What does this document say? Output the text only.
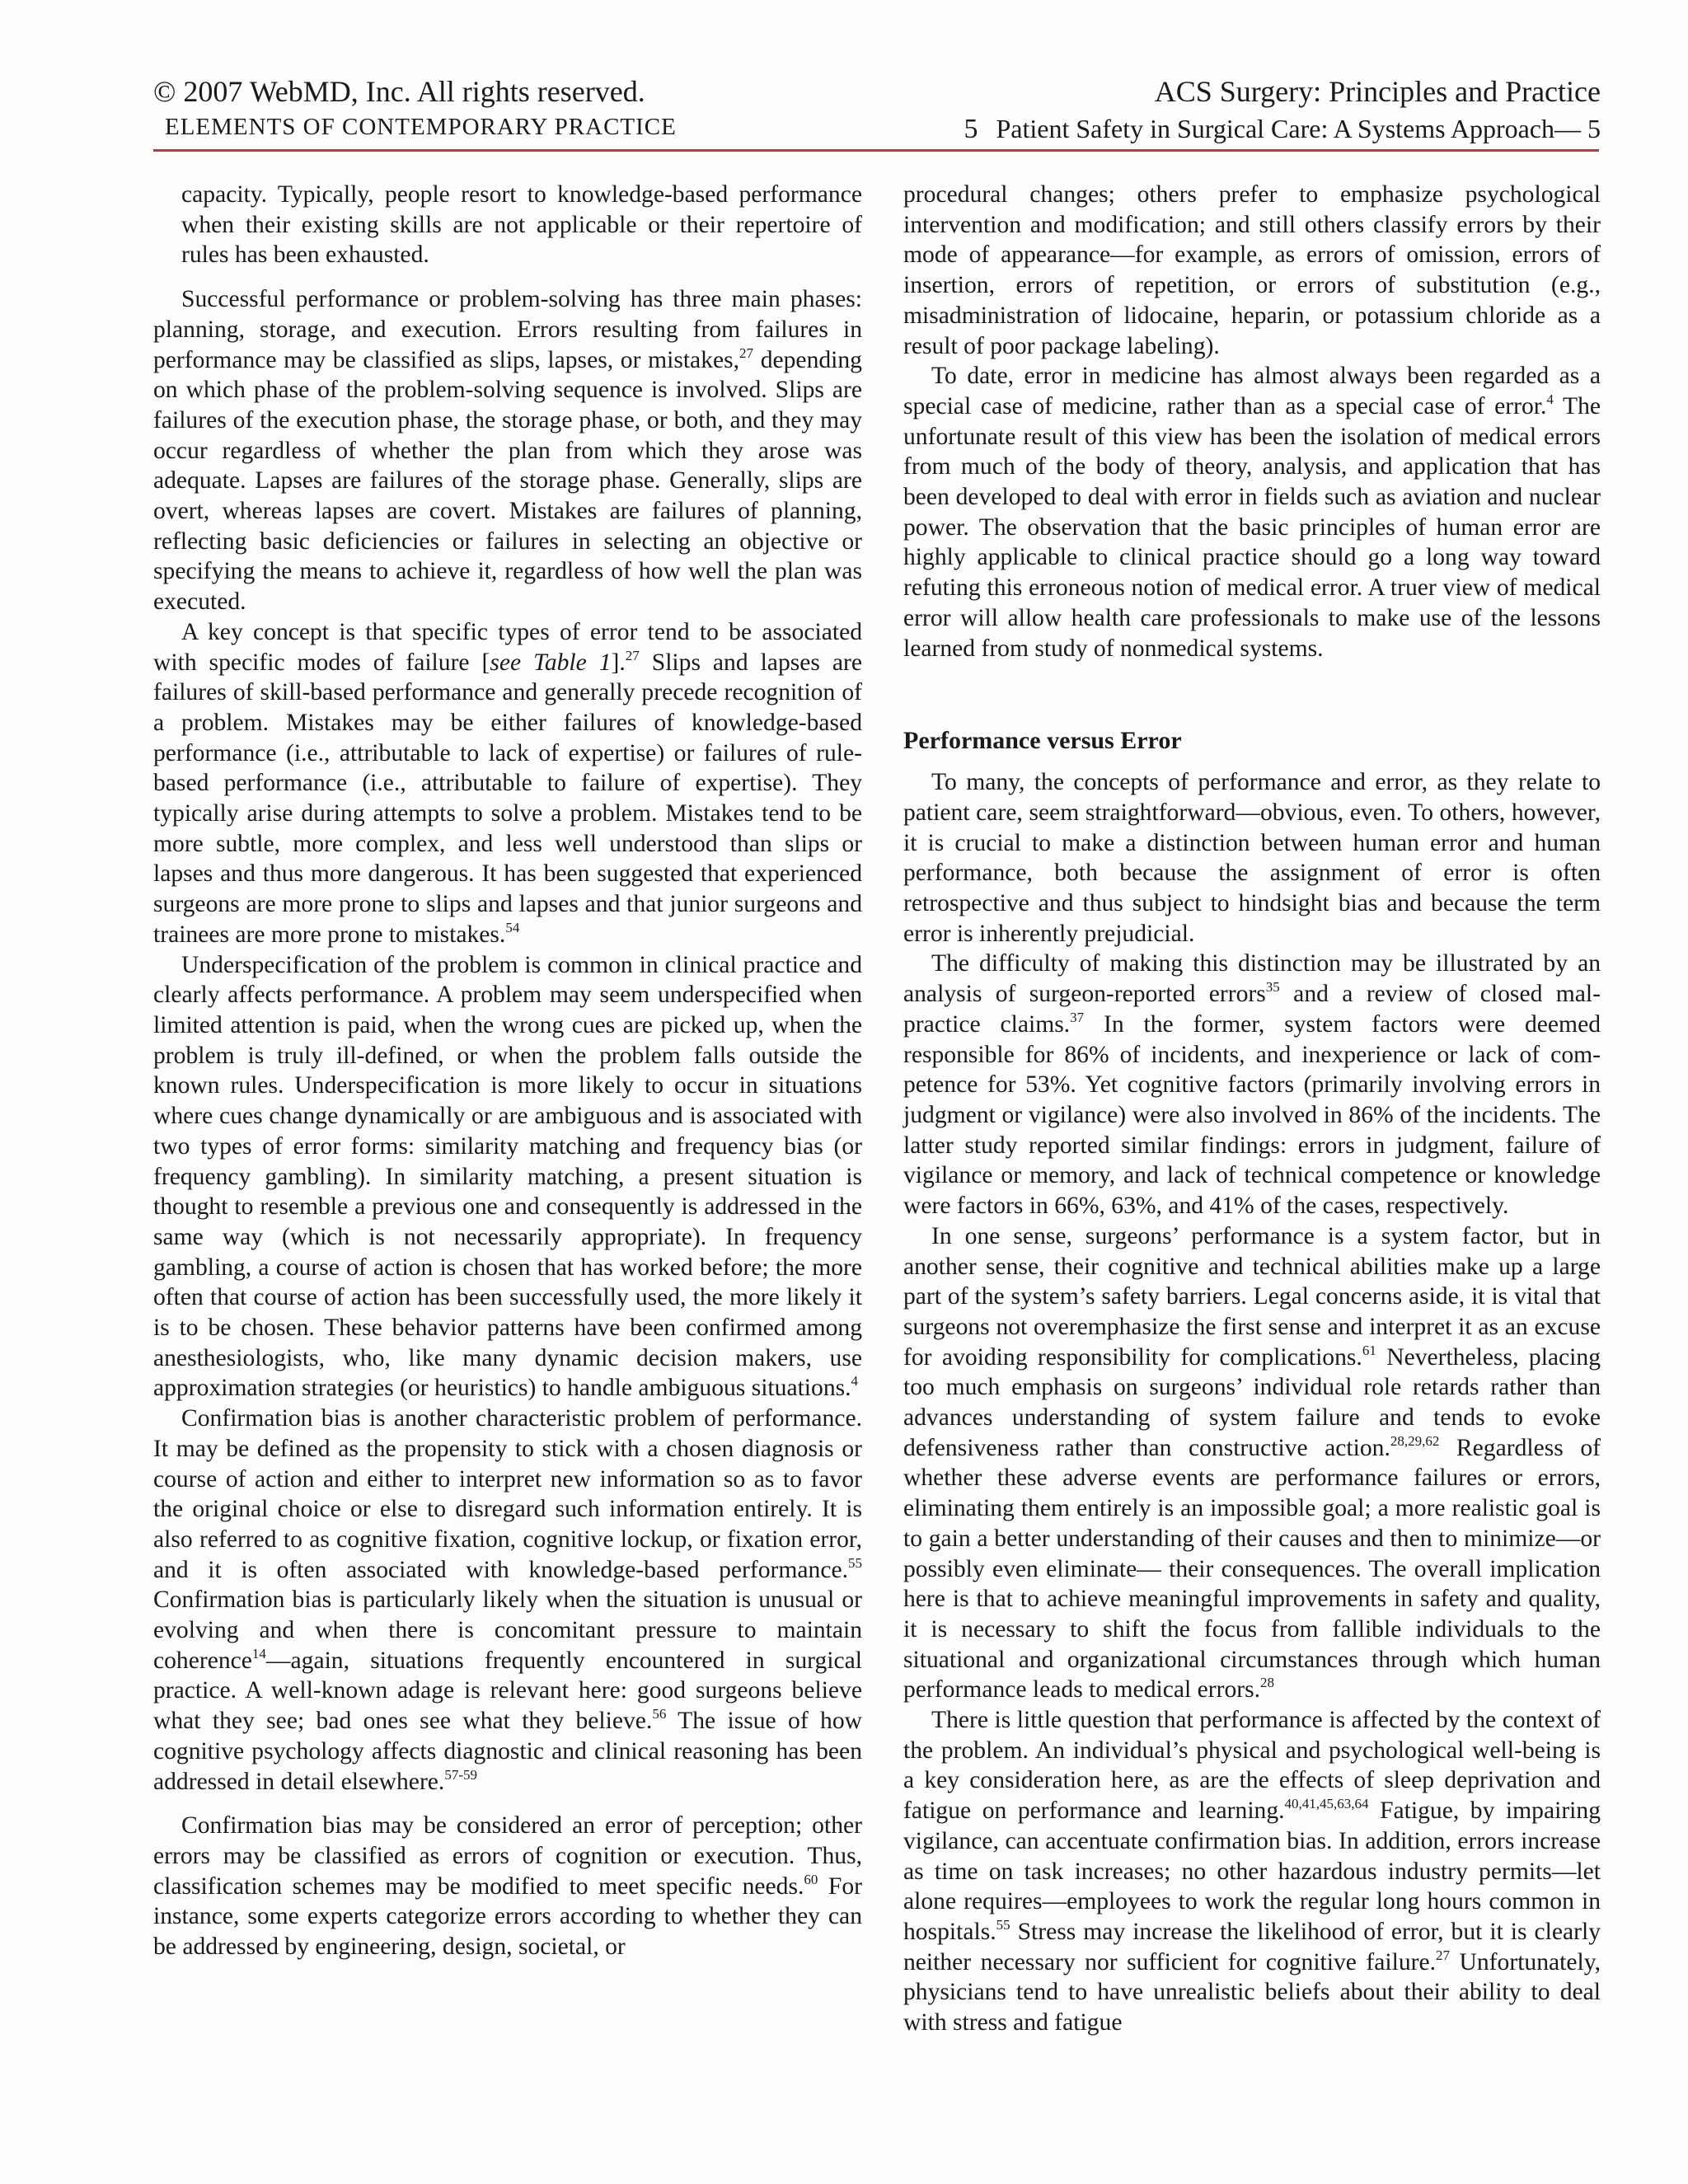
© 2007 WebMD, Inc. All rights reserved.
ELEMENTS OF CONTEMPORARY PRACTICE
ACS Surgery: Principles and Practice
5 Patient Safety in Surgical Care: A Systems Approach— 5

capacity. Typically, people resort to knowledge-based performance when their existing skills are not applicable or their repertoire of rules has been exhausted.

Successful performance or problem-solving has three main phases: planning, storage, and execution. Errors resulting from failures in performance may be classified as slips, lapses, or mistakes,$^{27}$ depending on which phase of the problem-solving sequence is involved. Slips are failures of the execution phase, the storage phase, or both, and they may occur regardless of whether the plan from which they arose was adequate. Lapses are failures of the storage phase. Generally, slips are overt, whereas lapses are covert. Mistakes are failures of planning, reflecting basic deficiencies or failures in selecting an objective or specifying the means to achieve it, regardless of how well the plan was executed.

A key concept is that specific types of error tend to be associated with specific modes of failure [see Table 1].$^{27}$ Slips and lapses are failures of skill-based performance and generally precede recognition of a problem. Mistakes may be either failures of knowledge-based performance (i.e., attributable to lack of expertise) or failures of rule-based performance (i.e., attributable to failure of expertise). They typically arise during attempts to solve a problem. Mistakes tend to be more subtle, more complex, and less well understood than slips or lapses and thus more dangerous. It has been suggested that experienced surgeons are more prone to slips and lapses and that junior surgeons and trainees are more prone to mistakes.$^{54}$

Underspecification of the problem is common in clinical practice and clearly affects performance. A problem may seem underspecified when limited attention is paid, when the wrong cues are picked up, when the problem is truly ill-defined, or when the problem falls outside the known rules. Underspecification is more likely to occur in situations where cues change dynamically or are ambiguous and is associated with two types of error forms: similarity matching and frequency bias (or frequency gambling). In similarity matching, a present situation is thought to resemble a previous one and consequently is addressed in the same way (which is not necessarily appropriate). In frequency gambling, a course of action is chosen that has worked before; the more often that course of action has been successfully used, the more likely it is to be chosen. These behavior patterns have been confirmed among anesthesiologists, who, like many dynamic decision makers, use approximation strategies (or heuristics) to handle ambiguous situations.$^4$

Confirmation bias is another characteristic problem of performance. It may be defined as the propensity to stick with a chosen diagnosis or course of action and either to interpret new information so as to favor the original choice or else to disregard such information entirely. It is also referred to as cognitive fixation, cognitive lockup, or fixation error, and it is often associated with knowledge-based performance.$^{55}$ Confirmation bias is particularly likely when the situation is unusual or evolving and when there is concomitant pressure to maintain coherence$^{14}$—again, situations frequently encountered in surgical practice. A well-known adage is relevant here: good surgeons believe what they see; bad ones see what they believe.$^{56}$ The issue of how cognitive psychology affects diagnostic and clinical reasoning has been addressed in detail elsewhere.$^{57-59}$

Confirmation bias may be considered an error of perception; other errors may be classified as errors of cognition or execution. Thus, classification schemes may be modified to meet specific needs.$^{60}$ For instance, some experts categorize errors according to whether they can be addressed by engineering, design, societal, or

procedural changes; others prefer to emphasize psychological intervention and modification; and still others classify errors by their mode of appearance—for example, as errors of omission, errors of insertion, errors of repetition, or errors of substitution (e.g., misadministration of lidocaine, heparin, or potassium chloride as a result of poor package labeling).

To date, error in medicine has almost always been regarded as a special case of medicine, rather than as a special case of error.$^4$ The unfortunate result of this view has been the isolation of medical errors from much of the body of theory, analysis, and application that has been developed to deal with error in fields such as aviation and nuclear power. The observation that the basic principles of human error are highly applicable to clinical practice should go a long way toward refuting this erroneous notion of medical error. A truer view of medical error will allow health care professionals to make use of the lessons learned from study of nonmedical systems.

Performance versus Error

To many, the concepts of performance and error, as they relate to patient care, seem straightforward—obvious, even. To others, however, it is crucial to make a distinction between human error and human performance, both because the assignment of error is often retrospective and thus subject to hindsight bias and because the term error is inherently prejudicial.

The difficulty of making this distinction may be illustrated by an analysis of surgeon-reported errors$^{35}$ and a review of closed malpractice claims.$^{37}$ In the former, system factors were deemed responsible for 86% of incidents, and inexperience or lack of competence for 53%. Yet cognitive factors (primarily involving errors in judgment or vigilance) were also involved in 86% of the incidents. The latter study reported similar findings: errors in judgment, failure of vigilance or memory, and lack of technical competence or knowledge were factors in 66%, 63%, and 41% of the cases, respectively.

In one sense, surgeons’ performance is a system factor, but in another sense, their cognitive and technical abilities make up a large part of the system’s safety barriers. Legal concerns aside, it is vital that surgeons not overemphasize the first sense and interpret it as an excuse for avoiding responsibility for complications.$^{61}$ Nevertheless, placing too much emphasis on surgeons’ individual role retards rather than advances understanding of system failure and tends to evoke defensiveness rather than constructive action.$^{28,29,62}$ Regardless of whether these adverse events are performance failures or errors, eliminating them entirely is an impossible goal; a more realistic goal is to gain a better understanding of their causes and then to minimize—or possibly even eliminate— their consequences. The overall implication here is that to achieve meaningful improvements in safety and quality, it is necessary to shift the focus from fallible individuals to the situational and organizational circumstances through which human performance leads to medical errors.$^{28}$

There is little question that performance is affected by the context of the problem. An individual’s physical and psychological well-being is a key consideration here, as are the effects of sleep deprivation and fatigue on performance and learning.$^{40,41,45,63,64}$ Fatigue, by impairing vigilance, can accentuate confirmation bias. In addition, errors increase as time on task increases; no other hazardous industry permits—let alone requires—employees to work the regular long hours common in hospitals.$^{55}$ Stress may increase the likelihood of error, but it is clearly neither necessary nor sufficient for cognitive failure.$^{27}$ Unfortunately, physicians tend to have unrealistic beliefs about their ability to deal with stress and fatigue
